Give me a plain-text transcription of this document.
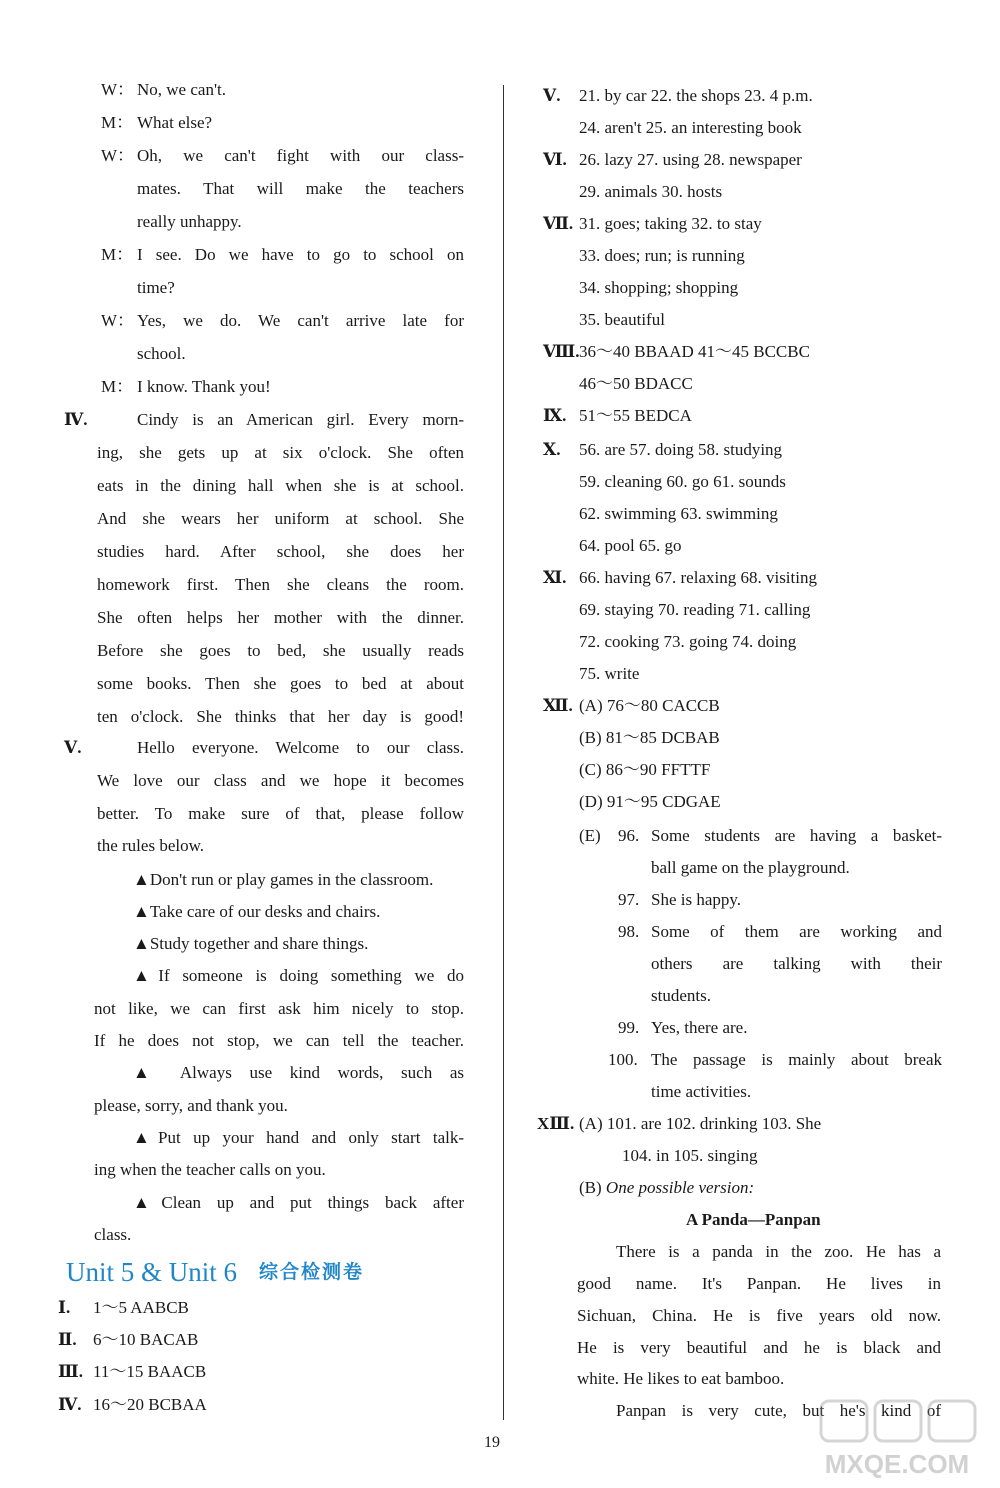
W： No, we can't.
M： What else?
W： Oh, we can't fight with our class-
mates. That will make the teachers
really unhappy.
M： I see. Do we have to go to school on
time?
W： Yes, we do. We can't arrive late for
school.
M： I know. Thank you!
Ⅳ.	Cindy is an American girl. Every morn-
ing, she gets up at six o'clock. She often
eats in the dining hall when she is at school.
And she wears her uniform at school. She
studies hard. After school, she does her
homework first. Then she cleans the room.
She often helps her mother with the dinner.
Before she goes to bed, she usually reads
some books. Then she goes to bed at about
ten o'clock. She thinks that her day is good!
Ⅴ.	Hello everyone. Welcome to our class.
We love our class and we hope it becomes
better. To make sure of that, please follow
the rules below.
▲Don't run or play games in the classroom.
▲Take care of our desks and chairs.
▲Study together and share things.
▲If someone is doing something we do
not like, we can first ask him nicely to stop.
If he does not stop, we can tell the teacher.
▲ Always use kind words, such as
please, sorry, and thank you.
▲Put up your hand and only start talk-
ing when the teacher calls on you.
▲Clean up and put things back after
class.
Unit 5 & Unit 6 综合检测卷
Ⅰ. 1～5 AABCB
Ⅱ. 6～10 BACAB
Ⅲ. 11～15 BAACB
Ⅳ. 16～20 BCBAA
Ⅴ. 21. by car 22. the shops 23. 4 p.m.
24. aren't 25. an interesting book
Ⅵ. 26. lazy 27. using 28. newspaper
29. animals 30. hosts
Ⅶ. 31. goes; taking 32. to stay
33. does; run; is running
34. shopping; shopping
35. beautiful
Ⅷ. 36～40 BBAAD 41～45 BCCBC
46～50 BDACC
Ⅸ. 51～55 BEDCA
Ⅹ. 56. are 57. doing 58. studying
59. cleaning 60. go 61. sounds
62. swimming 63. swimming
64. pool 65. go
Ⅺ. 66. having 67. relaxing 68. visiting
69. staying 70. reading 71. calling
72. cooking 73. going 74. doing
75. write
Ⅻ. (A) 76～80 CACCB
(B) 81～85 DCBAB
(C) 86～90 FFTTF
(D) 91～95 CDGAE
(E) 96. Some students are having a basket-
ball game on the playground.
97. She is happy.
98. Some of them are working and
others are talking with their
students.
99. Yes, there are.
100. The passage is mainly about break
time activities.
XⅢ. (A) 101. are 102. drinking 103. She
104. in 105. singing
(B) One possible version:
A Panda—Panpan
There is a panda in the zoo. He has a
good name. It's Panpan. He lives in
Sichuan, China. He is five years old now.
He is very beautiful and he is black and
white. He likes to eat bamboo.
Panpan is very cute, but he's kind of
19
MXQE.COM
